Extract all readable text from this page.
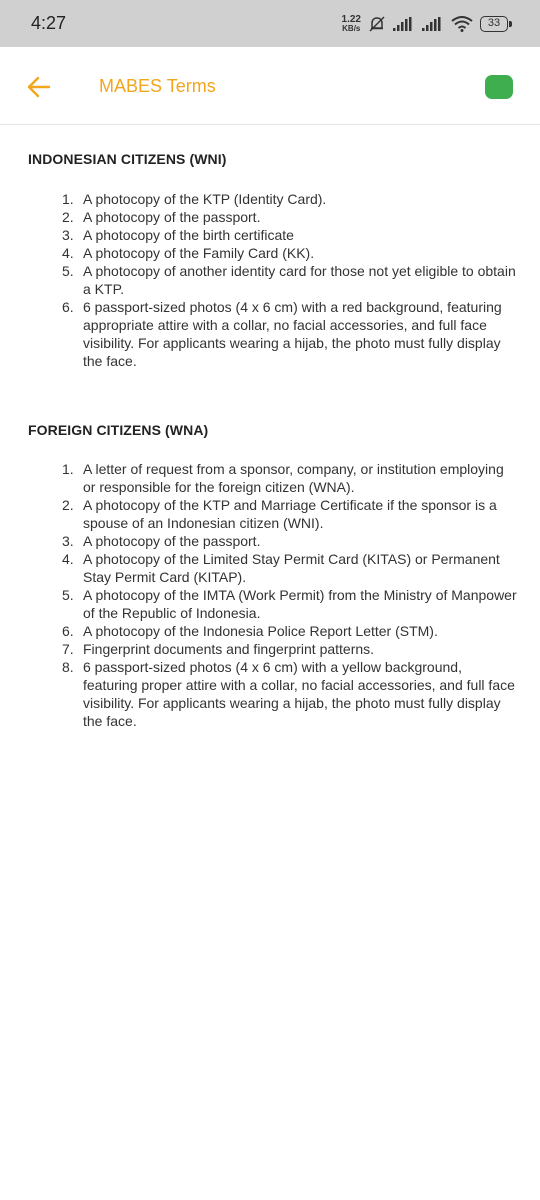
4:27	1.22
KB/s	33
MABES Terms
INDONESIAN CITIZENS (WNI)
1. A photocopy of the KTP (Identity Card).
2. A photocopy of the passport.
3. A photocopy of the birth certificate
4. A photocopy of the Family Card (KK).
5. A photocopy of another identity card for those not yet eligible to obtain a KTP.
6. 6 passport-sized photos (4 x 6 cm) with a red background, featuring appropriate attire with a collar, no facial accessories, and full face visibility. For applicants wearing a hijab, the photo must fully display the face.
FOREIGN CITIZENS (WNA)
1. A letter of request from a sponsor, company, or institution employing or responsible for the foreign citizen (WNA).
2. A photocopy of the KTP and Marriage Certificate if the sponsor is a spouse of an Indonesian citizen (WNI).
3. A photocopy of the passport.
4. A photocopy of the Limited Stay Permit Card (KITAS) or Permanent Stay Permit Card (KITAP).
5. A photocopy of the IMTA (Work Permit) from the Ministry of Manpower of the Republic of Indonesia.
6. A photocopy of the Indonesia Police Report Letter (STM).
7. Fingerprint documents and fingerprint patterns.
8. 6 passport-sized photos (4 x 6 cm) with a yellow background, featuring proper attire with a collar, no facial accessories, and full face visibility. For applicants wearing a hijab, the photo must fully display the face.
